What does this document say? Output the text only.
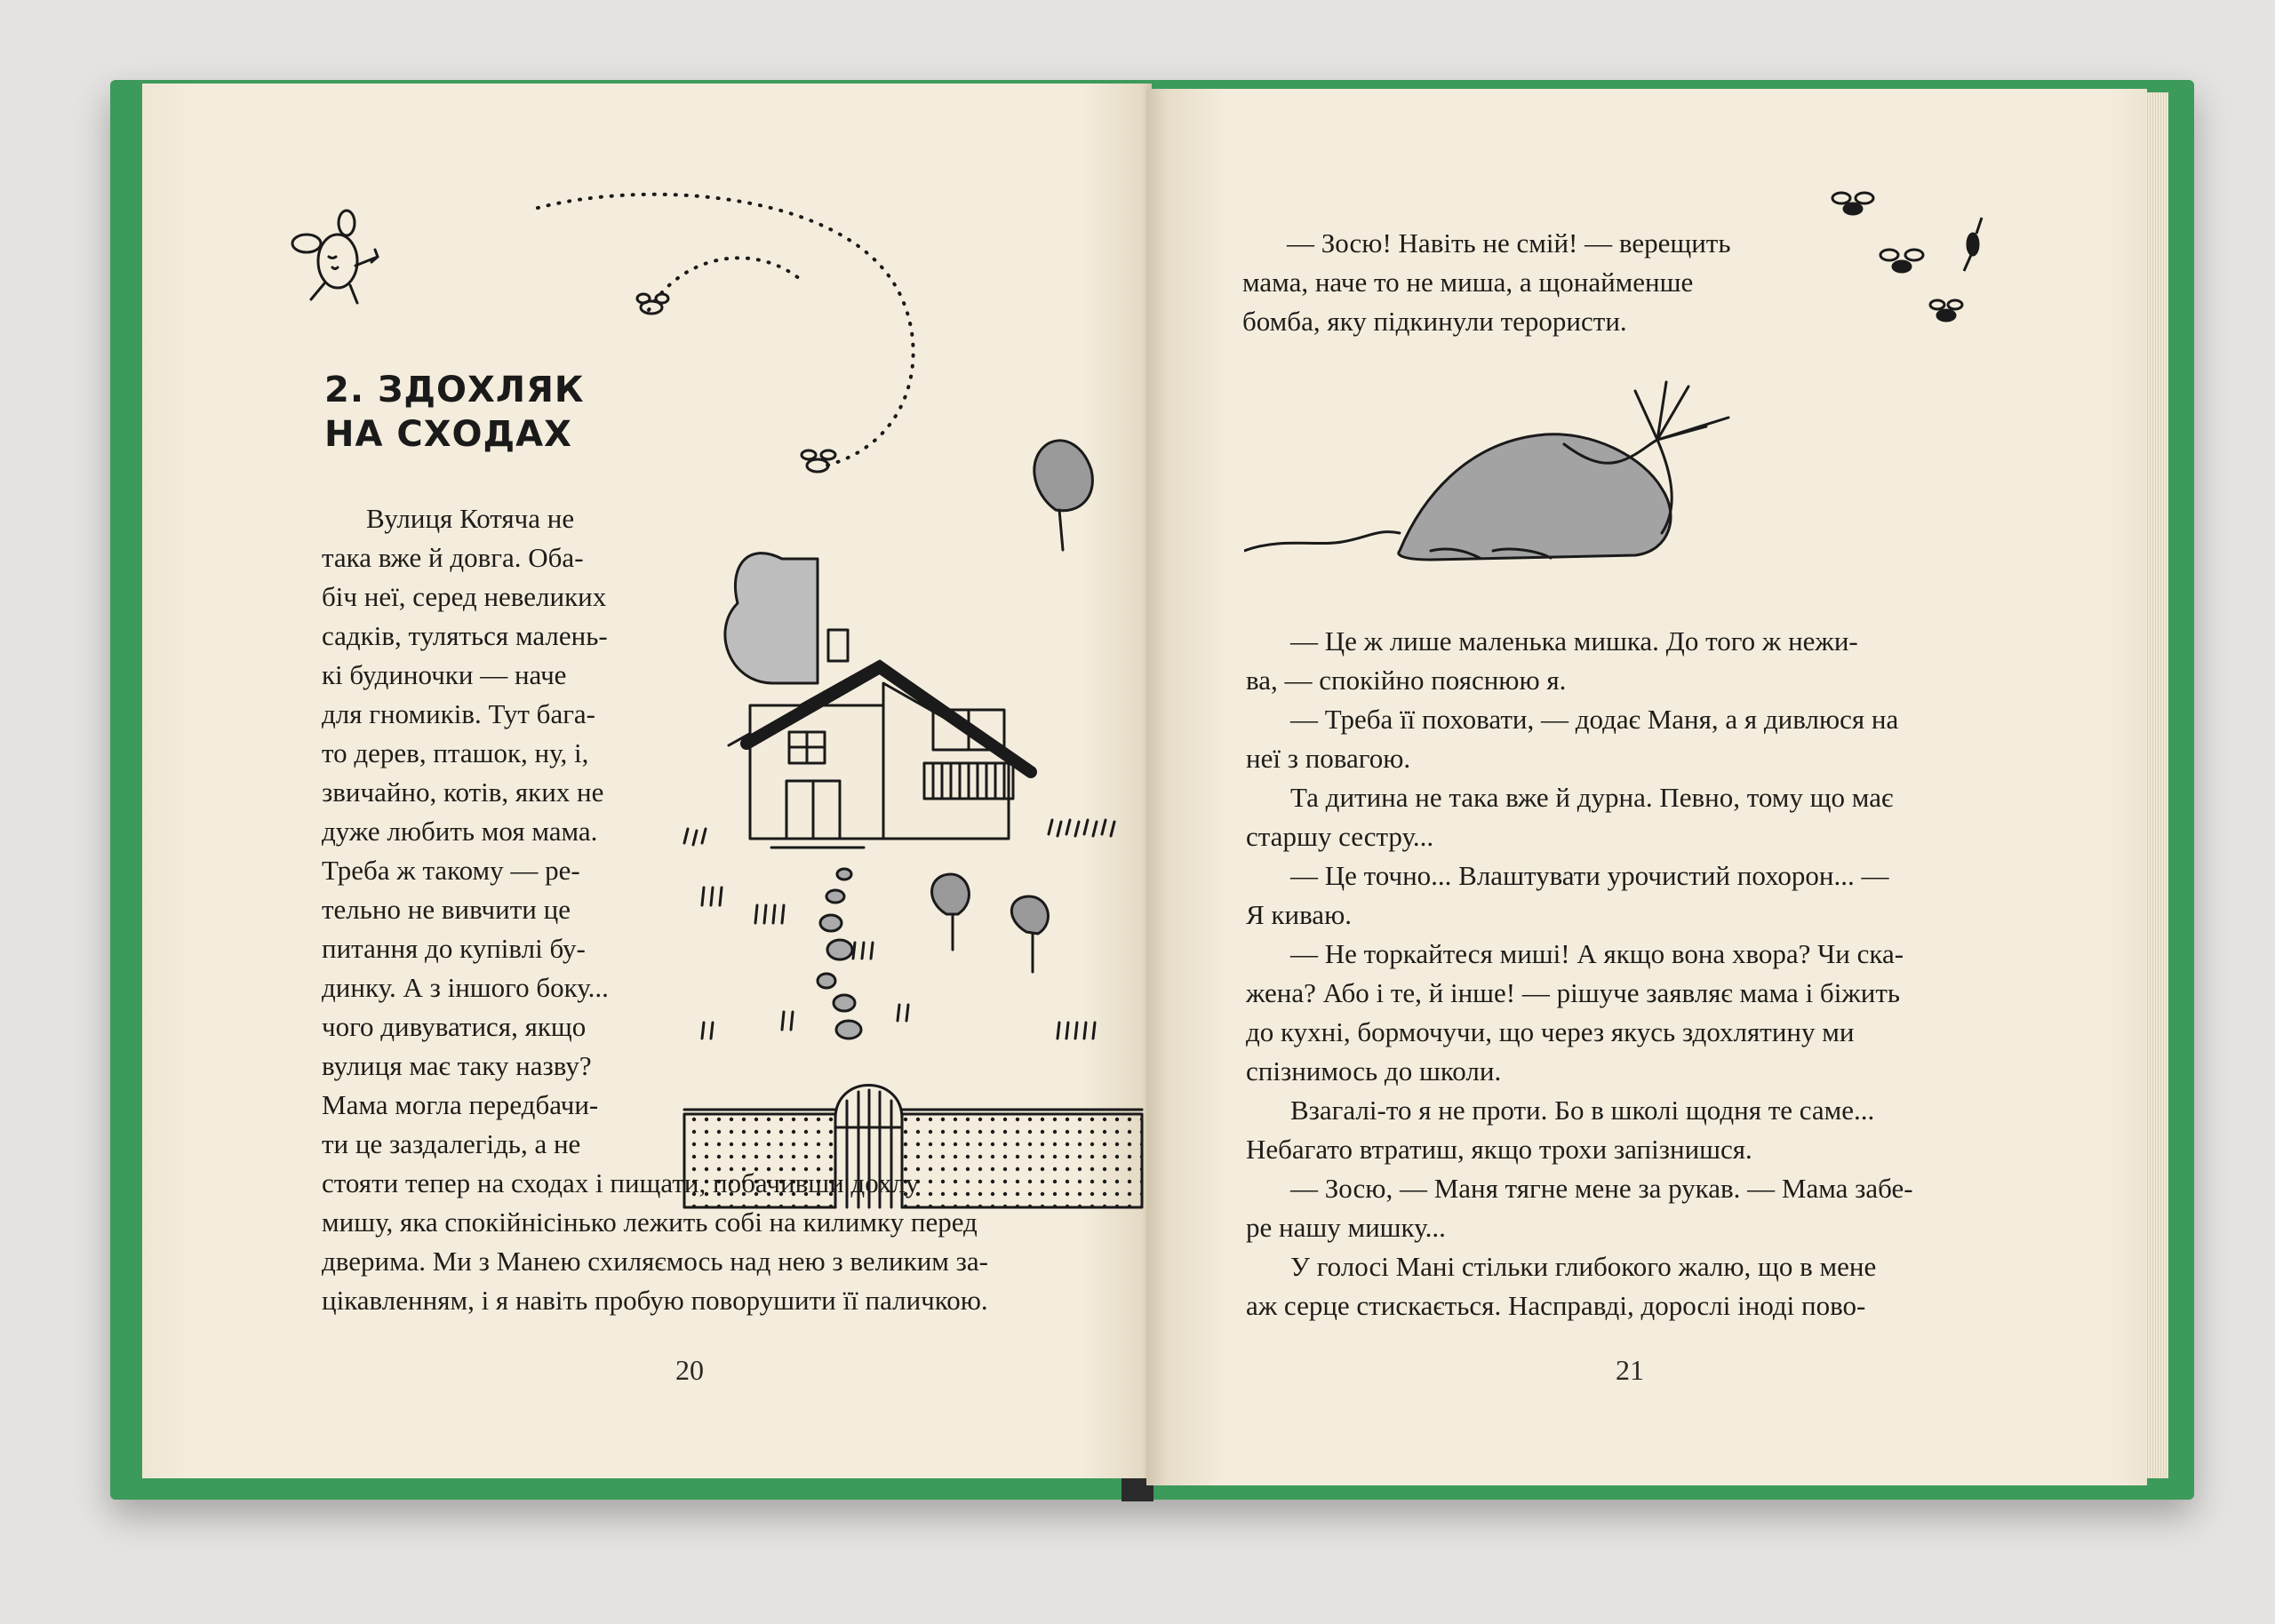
2. ЗДОХЛЯК
НА СХОДАХ

Вулиця Котяча не

така вже й довга. Оба-

біч неї, серед невеликих

садків, туляться малень-

кі будиночки — наче

для гномиків. Тут бага-

то дерев, пташок, ну, і,

звичайно, котів, яких не

дуже любить моя мама.

Треба ж такому — ре-

тельно не вивчити це

питання до купівлі бу-

динку. А з іншого боку...

чого дивуватися, якщо

вулиця має таку назву?

Мама могла передбачи-

ти це заздалегідь, а не

стояти тепер на сходах і пищати, побачивши дохлу

мишу, яка спокійнісінько лежить собі на килимку перед

дверима. Ми з Манею схиляємось над нею з великим за-

цікавленням, і я навіть пробую поворушити її паличкою.

20

— Зосю! Навіть не смій! — верещить

мама, наче то не миша, а щонайменше

бомба, яку підкинули терористи.

— Це ж лише маленька мишка. До того ж нежи-

ва, — спокійно пояснюю я.

— Треба її поховати, — додає Маня, а я дивлюся на

неї з повагою.

Та дитина не така вже й дурна. Певно, тому що має

старшу сестру...

— Це точно... Влаштувати урочистий похорон... —

Я киваю.

— Не торкайтеся миші! А якщо вона хвора? Чи ска-

жена? Або і те, й інше! — рішуче заявляє мама і біжить

до кухні, бормочучи, що через якусь здохлятину ми

спізнимось до школи.

Взагалі-то я не проти. Бо в школі щодня те саме...

Небагато втратиш, якщо трохи запізнишся.

— Зосю, — Маня тягне мене за рукав. — Мама забе-

ре нашу мишку...

У голосі Мані стільки глибокого жалю, що в мене

аж серце стискається. Насправді, дорослі іноді пово-

21
